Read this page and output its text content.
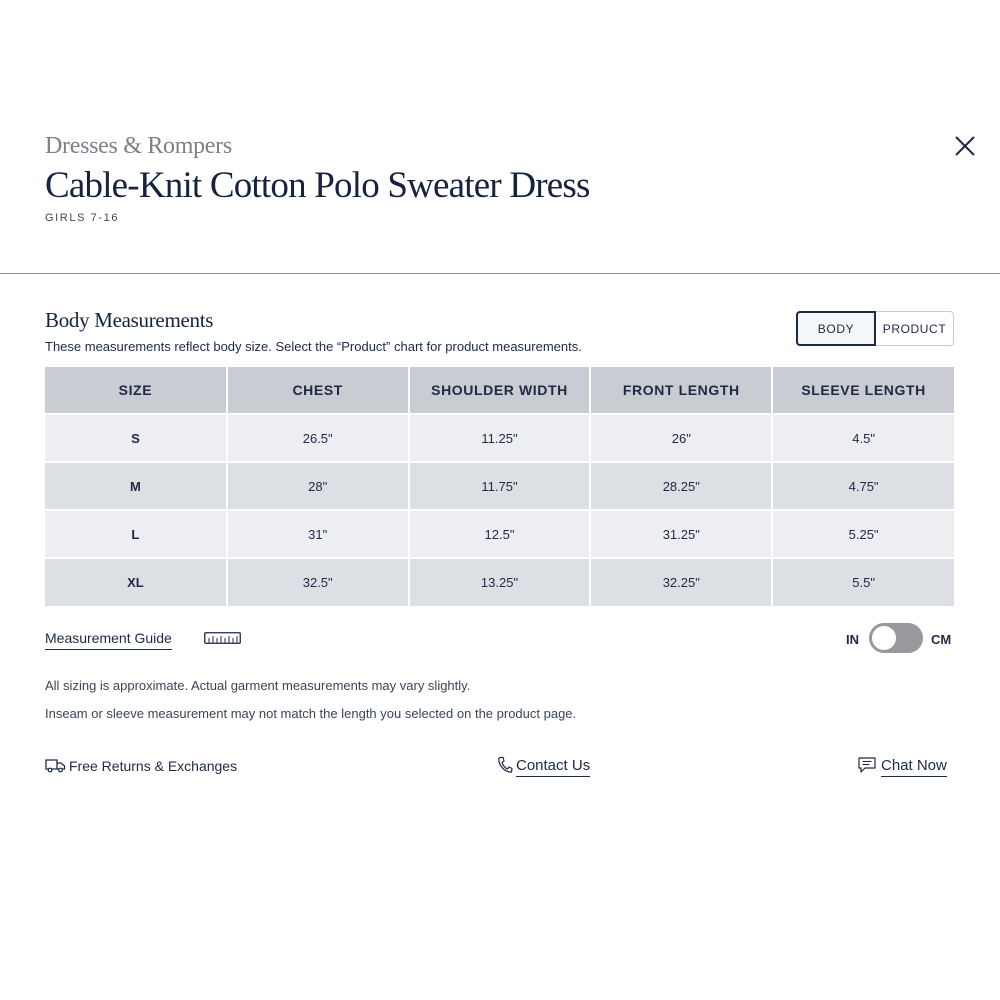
Dresses & Rompers
Cable-Knit Cotton Polo Sweater Dress
GIRLS 7-16
Body Measurements
These measurements reflect body size. Select the “Product” chart for product measurements.
BODY	PRODUCT
SIZE	CHEST	SHOULDER WIDTH	FRONT LENGTH	SLEEVE LENGTH
S	26.5"	11.25"	26"	4.5"
M	28"	11.75"	28.25"	4.75"
L	31"	12.5"	31.25"	5.25"
XL	32.5"	13.25"	32.25"	5.5"
Measurement Guide	IN	CM
All sizing is approximate. Actual garment measurements may vary slightly.
Inseam or sleeve measurement may not match the length you selected on the product page.
Free Returns & Exchanges	Contact Us	Chat Now
